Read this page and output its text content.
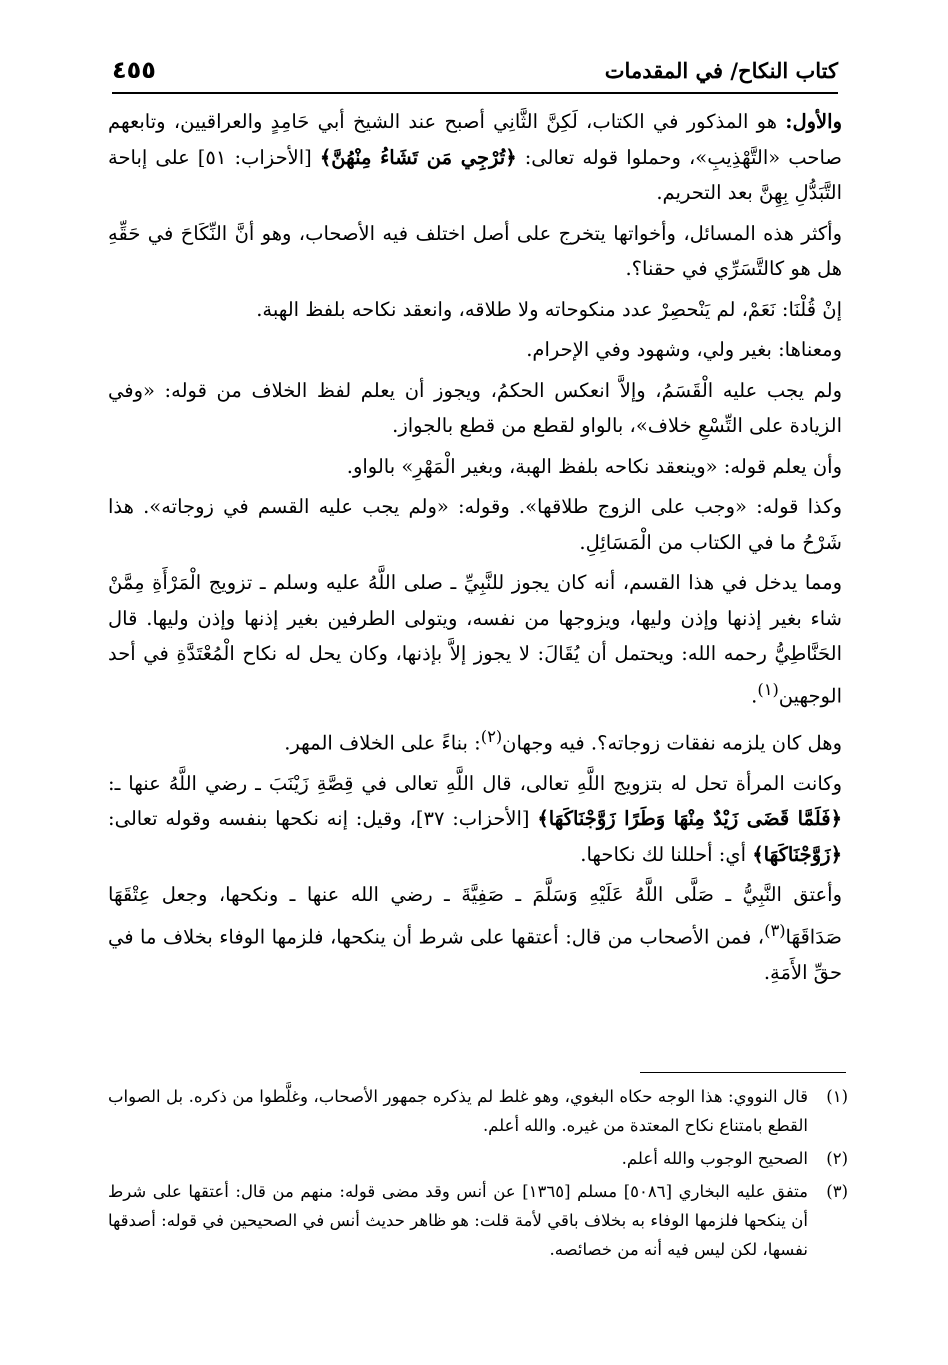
كتاب النكاح/ في المقدمات
٤٥٥

والأول: هو المذكور في الكتاب، لَكِنَّ الثَّانِي أصبح عند الشيخ أبي حَامِدٍ والعراقيين، وتابعهم صاحب «التَّهْذِيبِ»، وحملوا قوله تعالى: ﴿تُرْجِي مَن تَشَاءُ مِنْهُنَّ﴾ [الأحزاب: ٥١] على إباحة التَّبَدُّلِ بِهِنَّ بعد التحريم.

وأكثر هذه المسائل، وأخواتها يتخرج على أصل اختلف فيه الأصحاب، وهو أنَّ النِّكَاحَ في حَقِّهِ هل هو كالتَّسَرِّي في حقنا؟.

إنْ قُلْنَا: نَعَمْ، لم يَنْحصِرْ عدد منكوحاته ولا طلاقه، وانعقد نكاحه بلفظ الهبة.

ومعناها: بغير ولي، وشهود وفي الإحرام.

ولم يجب عليه الْقَسَمُ، وإلاَّ انعكس الحكمُ، ويجوز أن يعلم لفظ الخلاف من قوله: «وفي الزيادة على التِّسْعِ خلاف»، بالواو لقطع من قطع بالجواز.

وأن يعلم قوله: «وينعقد نكاحه بلفظ الهبة، وبغير الْمَهْرِ» بالواو.

وكذا قوله: «وجب على الزوج طلاقها». وقوله: «ولم يجب عليه القسم في زوجاته». هذا شَرْحُ ما في الكتاب من الْمَسَائِلِ.

ومما يدخل في هذا القسم، أنه كان يجوز للنَّبِيِّ ـ صلى اللَّهُ عليه وسلم ـ تزويج الْمَرْأَةِ مِمَّنْ شاء بغير إذنها وإذن وليها، ويزوجها من نفسه، ويتولى الطرفين بغير إذنها وإذن وليها. قال الحَنَّاطِيُّ رحمه الله: ويحتمل أن يُقَالَ: لا يجوز إلاَّ بإذنها، وكان يحل له نكاح الْمُعْتَدَّةِ في أحد الوجهين$^{(١)}$.

وهل كان يلزمه نفقات زوجاته؟. فيه وجهان$^{(٢)}$: بناءً على الخلاف المهر.

وكانت المرأة تحل له بتزويج اللَّهِ تعالى، قال اللَّهِ تعالى في قِصَّةِ زَيْنَبَ ـ رضي اللَّهُ عنها ـ: ﴿فَلَمَّا قَضَى زَيْدٌ مِنْهَا وَطَرًا زَوَّجْنَاكَهَا﴾ [الأحزاب: ٣٧]، وقيل: إنه نكحها بنفسه وقوله تعالى: ﴿زَوَّجْنَاكَهَا﴾ أي: أحللنا لك نكاحها.

وأعتق النَّبِيُّ ـ صَلَّى اللَّهُ عَلَيْهِ وَسَلَّمَ ـ صَفِيَّةَ ـ رضي الله عنها ـ ونكحها، وجعل عِتْقَهَا صَدَاقَهَا$^{(٣)}$، فمن الأصحاب من قال: أعتقها على شرط أن ينكحها، فلزمها الوفاء بخلاف ما في حقِّ الأَمَةِ.

(١)
قال النووي: هذا الوجه حكاه البغوي، وهو غلط لم يذكره جمهور الأصحاب، وغلَّطوا من ذكره. بل الصواب القطع بامتناع نكاح المعتدة من غيره. والله أعلم.
(٢)
الصحيح الوجوب والله أعلم.
(٣)
متفق عليه البخاري [٥٠٨٦] مسلم [١٣٦٥] عن أنس وقد مضى قوله: منهم من قال: أعتقها على شرط أن ينكحها فلزمها الوفاء به بخلاف باقي لأمة قلت: هو ظاهر حديث أنس في الصحيحين في قوله: أصدقها نفسها، لكن ليس فيه أنه من خصائصه.
